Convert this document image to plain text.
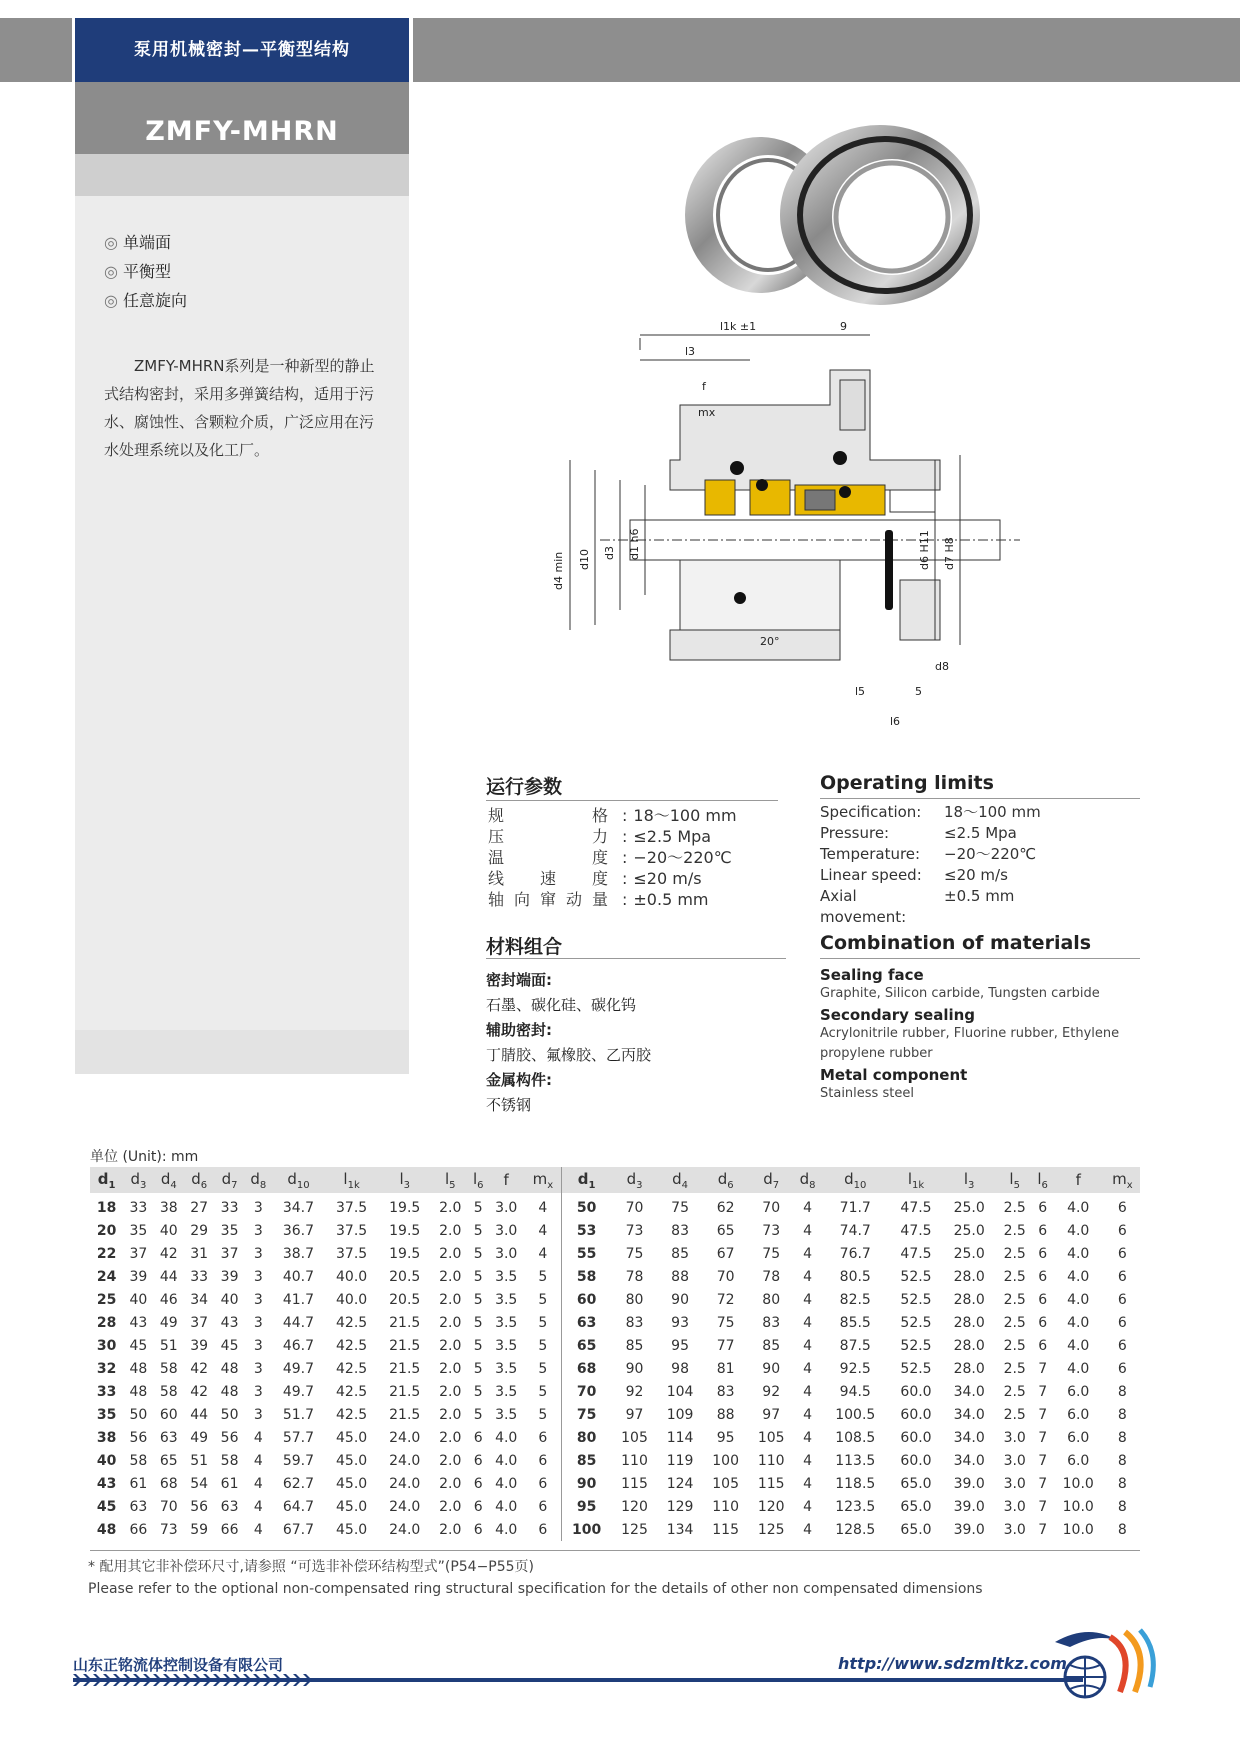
泵用机械密封—平衡型结构
ZMFY-MHRN
◎ 单端面
◎ 平衡型
◎ 任意旋向
ZMFY-MHRN系列是一种新型的静止式结构密封，采用多弹簧结构，适用于污水、腐蚀性、含颗粒介质，广泛应用在污水处理系统以及化工厂。
l1k ±1	9
l3
f
mx
d4 min d10 d3 d1 h6	d6 H11 d7 H8
20°
d8
l5	5
l6
运行参数
规格 : 18～100 mm
压力 : ≤2.5 Mpa
温度 : −20～220℃
线速度 : ≤20 m/s
轴向窜动量 : ±0.5 mm
Operating limits
Specification:	18～100 mm
Pressure:	≤2.5 Mpa
Temperature:	−20～220℃
Linear speed:	≤20 m/s
Axial movement:
±0.5 mm
材料组合
密封端面:
石墨、碳化硅、碳化钨
辅助密封:
丁腈胶、氟橡胶、乙丙胶
金属构件:
不锈钢
Combination of materials
Sealing face
Graphite, Silicon carbide, Tungsten carbide
Secondary sealing
Acrylonitrile rubber, Fluorine rubber, Ethylene propylene rubber
Metal component
Stainless steel
单位 (Unit): mm
$d_1$	$d_3$	$d_4$	$d_6$	$d_7$	$d_8$	$d_{10}$	$l_{1k}$	$l_3$	$l_5$	$l_6$	f	$m_x$	$d_1$	$d_3$	$d_4$	$d_6$	$d_7$	$d_8$	$d_{10}$	$l_{1k}$	$l_3$	$l_5$	$l_6$	f	$m_x$
18	33	38	27	33	3	34.7	37.5	19.5	2.0	5	3.0	4	50	70	75	62	70	4	71.7	47.5	25.0	2.5	6	4.0	6
20	35	40	29	35	3	36.7	37.5	19.5	2.0	5	3.0	4	53	73	83	65	73	4	74.7	47.5	25.0	2.5	6	4.0	6
22	37	42	31	37	3	38.7	37.5	19.5	2.0	5	3.0	4	55	75	85	67	75	4	76.7	47.5	25.0	2.5	6	4.0	6
24	39	44	33	39	3	40.7	40.0	20.5	2.0	5	3.5	5	58	78	88	70	78	4	80.5	52.5	28.0	2.5	6	4.0	6
25	40	46	34	40	3	41.7	40.0	20.5	2.0	5	3.5	5	60	80	90	72	80	4	82.5	52.5	28.0	2.5	6	4.0	6
28	43	49	37	43	3	44.7	42.5	21.5	2.0	5	3.5	5	63	83	93	75	83	4	85.5	52.5	28.0	2.5	6	4.0	6
30	45	51	39	45	3	46.7	42.5	21.5	2.0	5	3.5	5	65	85	95	77	85	4	87.5	52.5	28.0	2.5	6	4.0	6
32	48	58	42	48	3	49.7	42.5	21.5	2.0	5	3.5	5	68	90	98	81	90	4	92.5	52.5	28.0	2.5	7	4.0	6
33	48	58	42	48	3	49.7	42.5	21.5	2.0	5	3.5	5	70	92	104	83	92	4	94.5	60.0	34.0	2.5	7	6.0	8
35	50	60	44	50	3	51.7	42.5	21.5	2.0	5	3.5	5	75	97	109	88	97	4	100.5	60.0	34.0	2.5	7	6.0	8
38	56	63	49	56	4	57.7	45.0	24.0	2.0	6	4.0	6	80	105	114	95	105	4	108.5	60.0	34.0	3.0	7	6.0	8
40	58	65	51	58	4	59.7	45.0	24.0	2.0	6	4.0	6	85	110	119	100	110	4	113.5	60.0	34.0	3.0	7	6.0	8
43	61	68	54	61	4	62.7	45.0	24.0	2.0	6	4.0	6	90	115	124	105	115	4	118.5	65.0	39.0	3.0	7	10.0	8
45	63	70	56	63	4	64.7	45.0	24.0	2.0	6	4.0	6	95	120	129	110	120	4	123.5	65.0	39.0	3.0	7	10.0	8
48	66	73	59	66	4	67.7	45.0	24.0	2.0	6	4.0	6	100	125	134	115	125	4	128.5	65.0	39.0	3.0	7	10.0	8
* 配用其它非补偿环尺寸,请参照 “可选非补偿环结构型式”(P54−P55页)
Please refer to the optional non-compensated ring structural specification for the details of other non compensated dimensions
山东正铭流体控制设备有限公司	http://www.sdzmltkz.com
